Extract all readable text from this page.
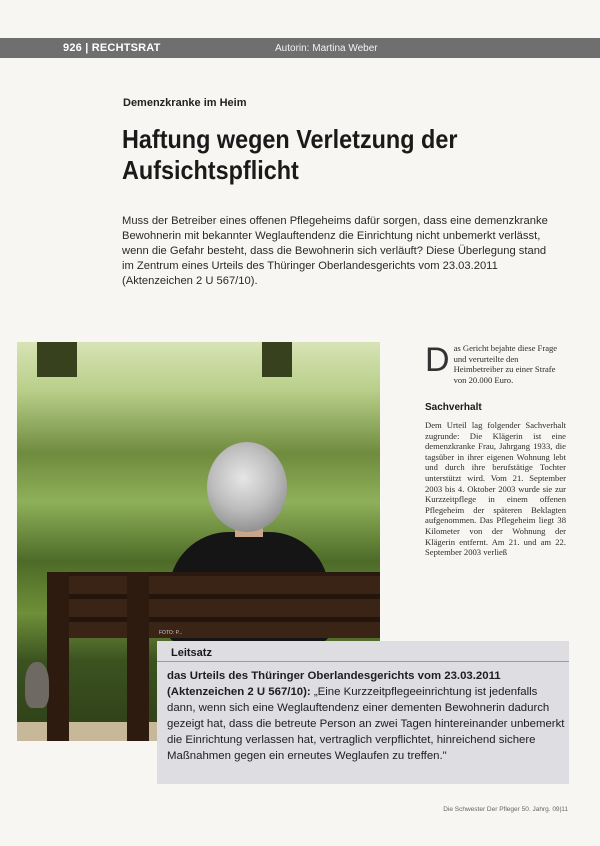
926 | RECHTSRAT	Autorin: Martina Weber
Demenzkranke im Heim
Haftung wegen Verletzung der Aufsichtspflicht
Muss der Betreiber eines offenen Pflegeheims dafür sorgen, dass eine demenzkranke Bewohnerin mit bekannter Weglauftendenz die Einrichtung nicht unbemerkt verlässt, wenn die Gefahr besteht, dass die Bewohnerin sich verläuft? Diese Überlegung stand im Zentrum eines Urteils des Thüringer Oberlandesgerichts vom 23.03.2011 (Aktenzeichen 2 U 567/10).
FOTO: P...
D as Gericht bejahte diese Frage und verurteilte den Heimbetreiber zu einer Strafe von 20.000 Euro.
Sachverhalt
Dem Urteil lag folgender Sachverhalt zugrunde: Die Klägerin ist eine demenzkranke Frau, Jahrgang 1933, die tagsüber in ihrer eigenen Wohnung lebt und durch ihre berufstätige Tochter unterstützt wird. Vom 21. September 2003 bis 4. Oktober 2003 wurde sie zur Kurzzeitpflege in einem offenen Pflegeheim der späteren Beklagten aufgenommen. Das Pflegeheim liegt 38 Kilometer von der Wohnung der Klägerin entfernt. Am 21. und am 22. September 2003 verließ
Leitsatz
das Urteils des Thüringer Oberlandesgerichts vom 23.03.2011 (Aktenzeichen 2 U 567/10): „Eine Kurzzeitpflegeeinrichtung ist jedenfalls dann, wenn sich eine Weglauftendenz einer dementen Bewohnerin dadurch gezeigt hat, dass die betreute Person an zwei Tagen hintereinander unbemerkt die Einrichtung verlassen hat, vertraglich verpflichtet, hinreichend sichere Maßnahmen gegen ein erneutes Weglaufen zu treffen."
Die Schwester Der Pfleger 50. Jahrg. 09|11
